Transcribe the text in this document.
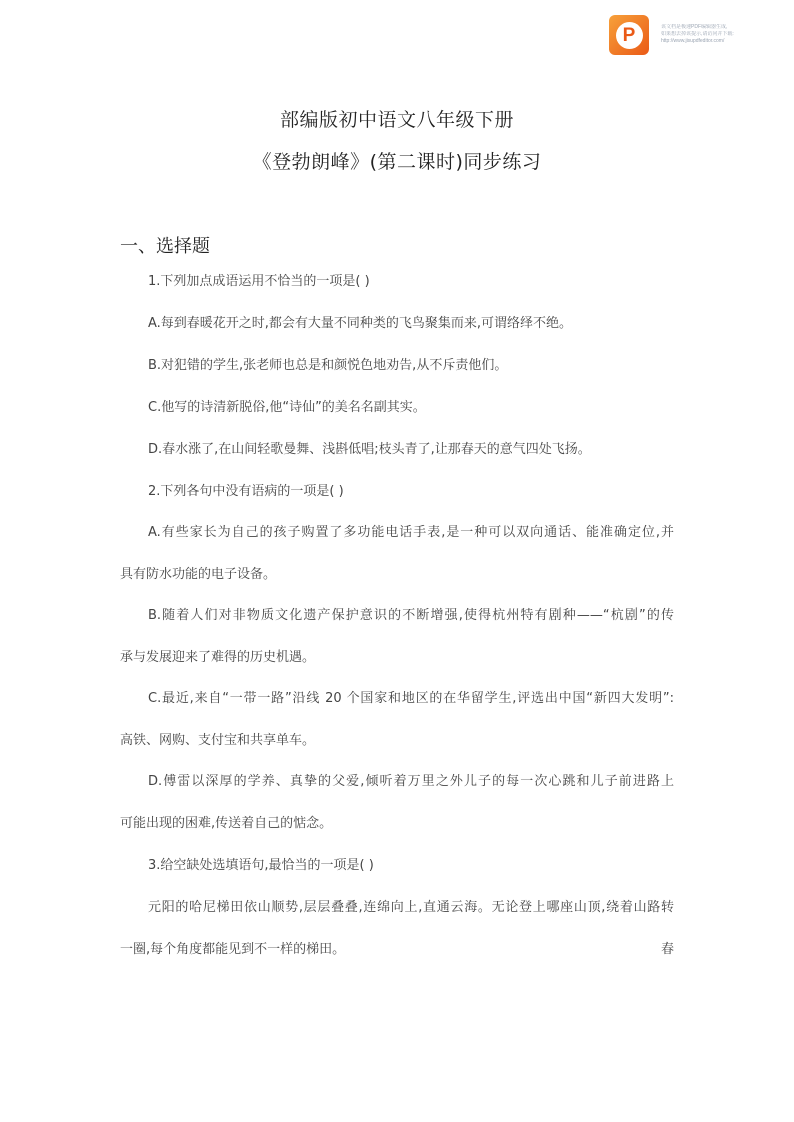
P	该文档是极速PDF编辑器生成,
如果想去掉该提示,请访问并下载:
http://www.jisupdfeditor.com/
部编版初中语文八年级下册
《登勃朗峰》(第二课时)同步练习
一、选择题
1.下列加点成语运用不恰当的一项是( )
A.每到春暖花开之时,都会有大量不同种类的飞鸟聚集而来,可谓络绎不绝。
B.对犯错的学生,张老师也总是和颜悦色地劝告,从不斥责他们。
C.他写的诗清新脱俗,他“诗仙”的美名名副其实。
D.春水涨了,在山间轻歌曼舞、浅斟低唱;枝头青了,让那春天的意气四处飞扬。
2.下列各句中没有语病的一项是( )
A.有些家长为自己的孩子购置了多功能电话手表,是一种可以双向通话、能准确定位,并
具有防水功能的电子设备。
B.随着人们对非物质文化遗产保护意识的不断增强,使得杭州特有剧种——“杭剧”的传
承与发展迎来了难得的历史机遇。
C.最近,来自“一带一路”沿线 20 个国家和地区的在华留学生,评选出中国“新四大发明”:
高铁、网购、支付宝和共享单车。
D.傅雷以深厚的学养、真挚的父爱,倾听着万里之外儿子的每一次心跳和儿子前进路上
可能出现的困难,传送着自己的惦念。
3.给空缺处选填语句,最恰当的一项是( )
元阳的哈尼梯田依山顺势,层层叠叠,连绵向上,直通云海。无论登上哪座山顶,绕着山路转
一圈,每个角度都能见到不一样的梯田。	春
